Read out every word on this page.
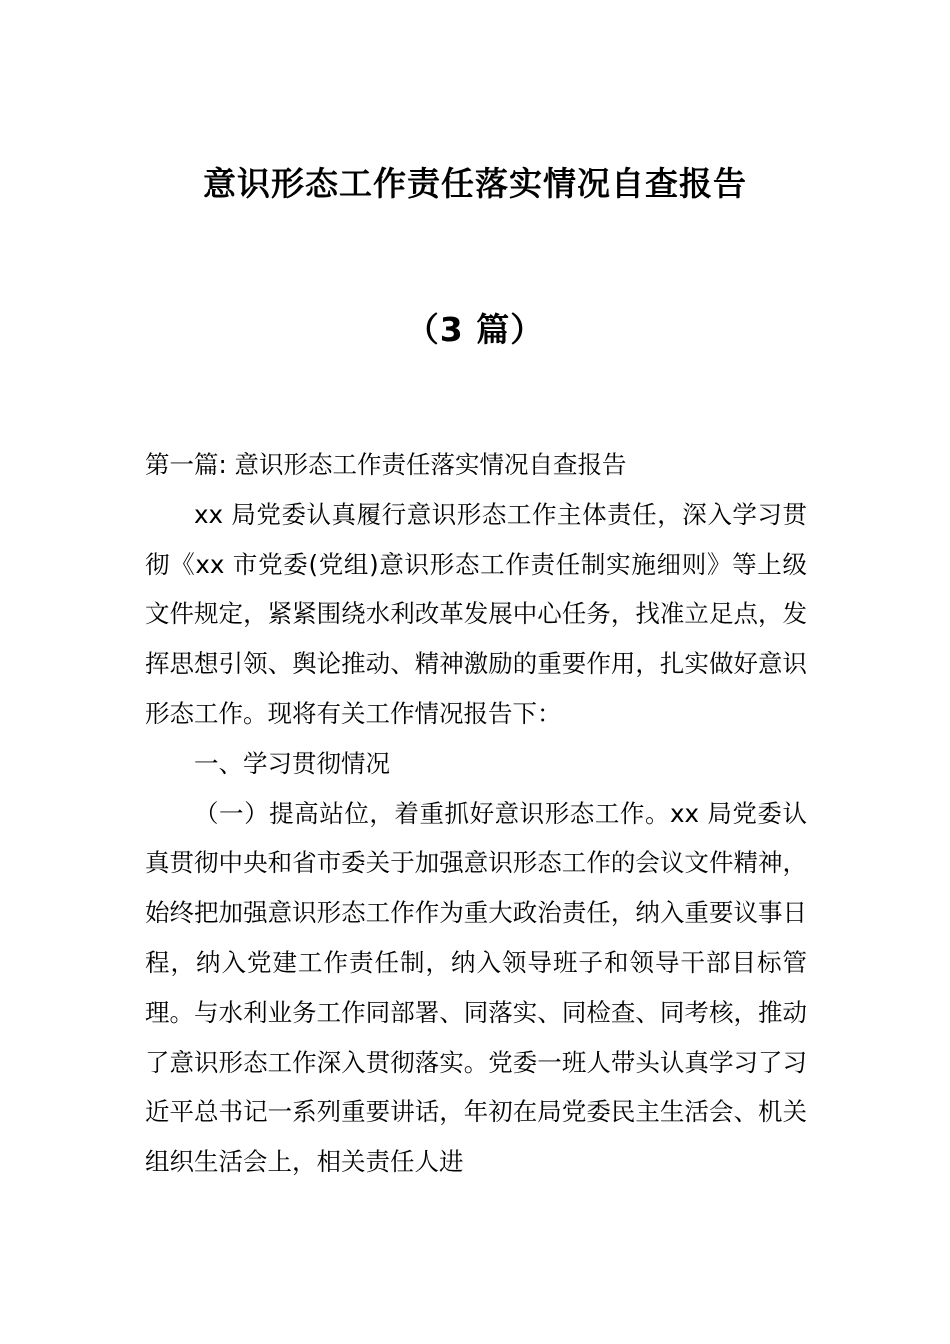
意识形态工作责任落实情况自查报告
（3 篇）

第一篇: 意识形态工作责任落实情况自查报告

xx 局党委认真履行意识形态工作主体责任，深入学习贯彻《xx 市党委(党组)意识形态工作责任制实施细则》等上级文件规定，紧紧围绕水利改革发展中心任务，找准立足点，发挥思想引领、舆论推动、精神激励的重要作用，扎实做好意识形态工作。现将有关工作情况报告下：

一、学习贯彻情况

（一）提高站位，着重抓好意识形态工作。xx 局党委认真贯彻中央和省市委关于加强意识形态工作的会议文件精神，始终把加强意识形态工作作为重大政治责任，纳入重要议事日程，纳入党建工作责任制，纳入领导班子和领导干部目标管理。与水利业务工作同部署、同落实、同检查、同考核，推动了意识形态工作深入贯彻落实。党委一班人带头认真学习了习近平总书记一系列重要讲话，年初在局党委民主生活会、机关组织生活会上，相关责任人进
